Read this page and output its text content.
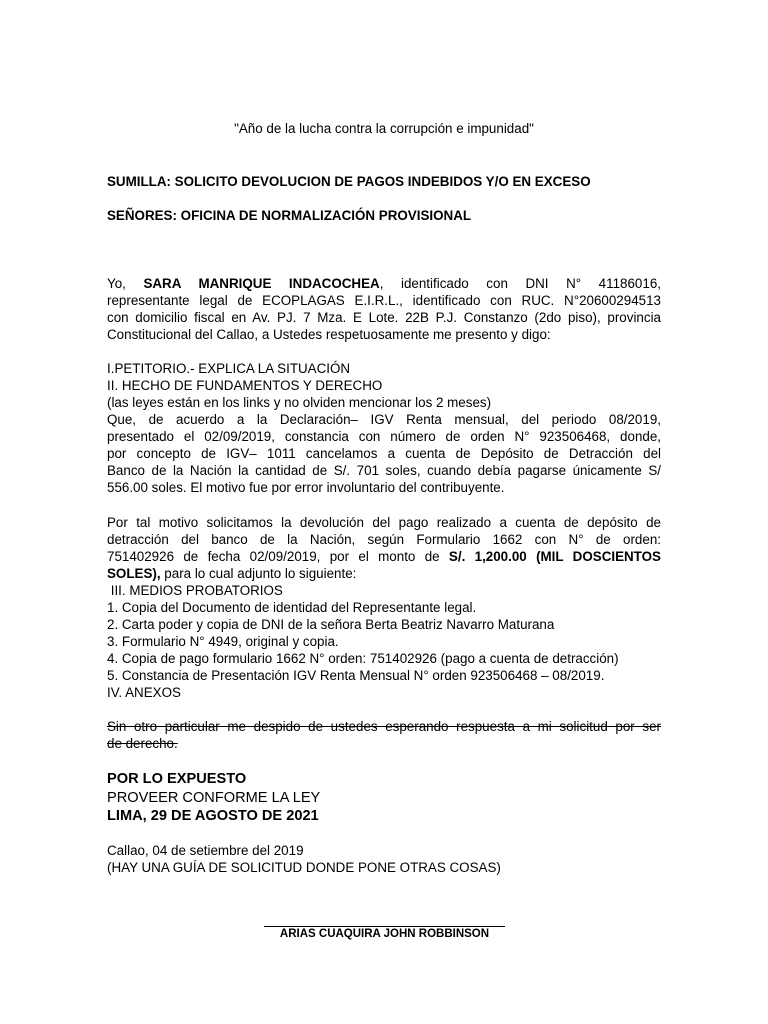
"Año de la lucha contra la corrupción e impunidad"
SUMILLA: SOLICITO DEVOLUCION DE PAGOS INDEBIDOS Y/O EN EXCESO
SEÑORES: OFICINA DE NORMALIZACIÓN PROVISIONAL
Yo, SARA MANRIQUE INDACOCHEA, identificado con DNI N° 41186016,
representante legal de ECOPLAGAS E.I.R.L., identificado con RUC. N°20600294513
con domicilio fiscal en Av. PJ. 7 Mza. E Lote. 22B P.J. Constanzo (2do piso), provincia
Constitucional del Callao, a Ustedes respetuosamente me presento y digo:
I.PETITORIO.- EXPLICA LA SITUACIÓN
II. HECHO DE FUNDAMENTOS Y DERECHO
(las leyes están en los links y no olviden mencionar los 2 meses)
Que, de acuerdo a la Declaración– IGV Renta mensual, del periodo 08/2019,
presentado el 02/09/2019, constancia con número de orden N° 923506468, donde,
por concepto de IGV– 1011 cancelamos a cuenta de Depósito de Detracción del
Banco de la Nación la cantidad de S/. 701 soles, cuando debía pagarse únicamente S/
556.00 soles. El motivo fue por error involuntario del contribuyente.
Por tal motivo solicitamos la devolución del pago realizado a cuenta de depósito de
detracción del banco de la Nación, según Formulario 1662 con N° de orden:
751402926 de fecha 02/09/2019, por el monto de S/. 1,200.00 (MIL DOSCIENTOS
SOLES), para lo cual adjunto lo siguiente:
III. MEDIOS PROBATORIOS
1. Copia del Documento de identidad del Representante legal.
2. Carta poder y copia de DNI de la señora Berta Beatriz Navarro Maturana
3. Formulario N° 4949, original y copia.
4. Copia de pago formulario 1662 N° orden: 751402926 (pago a cuenta de detracción)
5. Constancia de Presentación IGV Renta Mensual N° orden 923506468 – 08/2019.
IV. ANEXOS
Sin otro particular me despido de ustedes esperando respuesta a mi solicitud por ser
de derecho.
POR LO EXPUESTO
PROVEER CONFORME LA LEY
LIMA, 29 DE AGOSTO DE 2021
Callao, 04 de setiembre del 2019
(HAY UNA GUÍA DE SOLICITUD DONDE PONE OTRAS COSAS)
ARIAS CUAQUIRA JOHN ROBBINSON
